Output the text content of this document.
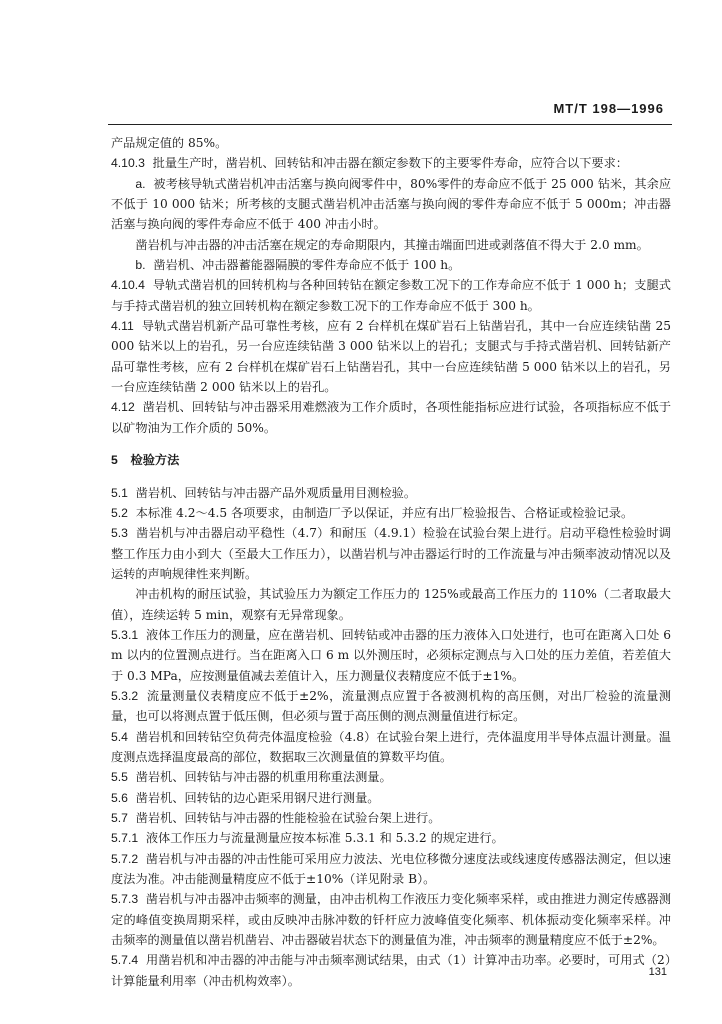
MT/T 198—1996

产品规定值的 85%。

4.10.3 批量生产时，凿岩机、回转钻和冲击器在额定参数下的主要零件寿命，应符合以下要求：

a. 被考核导轨式凿岩机冲击活塞与换向阀零件中，80%零件的寿命应不低于 25 000 钻米，其余应不低于 10 000 钻米；所考核的支腿式凿岩机冲击活塞与换向阀的零件寿命应不低于 5 000m；冲击器活塞与换向阀的零件寿命应不低于 400 冲击小时。

凿岩机与冲击器的冲击活塞在规定的寿命期限内，其撞击端面凹进或剥落值不得大于 2.0 mm。

b. 凿岩机、冲击器蓄能器隔膜的零件寿命应不低于 100 h。

4.10.4 导轨式凿岩机的回转机构与各种回转钻在额定参数工况下的工作寿命应不低于 1 000 h；支腿式与手持式凿岩机的独立回转机构在额定参数工况下的工作寿命应不低于 300 h。

4.11 导轨式凿岩机新产品可靠性考核，应有 2 台样机在煤矿岩石上钻凿岩孔，其中一台应连续钻凿 25 000 钻米以上的岩孔，另一台应连续钻凿 3 000 钻米以上的岩孔；支腿式与手持式凿岩机、回转钻新产品可靠性考核，应有 2 台样机在煤矿岩石上钻凿岩孔，其中一台应连续钻凿 5 000 钻米以上的岩孔，另一台应连续钻凿 2 000 钻米以上的岩孔。

4.12 凿岩机、回转钻与冲击器采用难燃液为工作介质时，各项性能指标应进行试验，各项指标应不低于以矿物油为工作介质的 50%。

5 检验方法

5.1 凿岩机、回转钻与冲击器产品外观质量用目测检验。

5.2 本标准 4.2～4.5 各项要求，由制造厂予以保证，并应有出厂检验报告、合格证或检验记录。

5.3 凿岩机与冲击器启动平稳性（4.7）和耐压（4.9.1）检验在试验台架上进行。启动平稳性检验时调整工作压力由小到大（至最大工作压力），以凿岩机与冲击器运行时的工作流量与冲击频率波动情况以及运转的声响规律性来判断。

冲击机构的耐压试验，其试验压力为额定工作压力的 125%或最高工作压力的 110%（二者取最大值），连续运转 5 min，观察有无异常现象。

5.3.1 液体工作压力的测量，应在凿岩机、回转钻或冲击器的压力液体入口处进行，也可在距离入口处 6 m 以内的位置测点进行。当在距离入口 6 m 以外测压时，必须标定测点与入口处的压力差值，若差值大于 0.3 MPa，应按测量值减去差值计入，压力测量仪表精度应不低于±1%。

5.3.2 流量测量仪表精度应不低于±2%，流量测点应置于各被测机构的高压侧，对出厂检验的流量测量，也可以将测点置于低压侧，但必须与置于高压侧的测点测量值进行标定。

5.4 凿岩机和回转钻空负荷壳体温度检验（4.8）在试验台架上进行，壳体温度用半导体点温计测量。温度测点选择温度最高的部位，数据取三次测量值的算数平均值。

5.5 凿岩机、回转钻与冲击器的机重用称重法测量。

5.6 凿岩机、回转钻的边心距采用钢尺进行测量。

5.7 凿岩机、回转钻与冲击器的性能检验在试验台架上进行。

5.7.1 液体工作压力与流量测量应按本标准 5.3.1 和 5.3.2 的规定进行。

5.7.2 凿岩机与冲击器的冲击性能可采用应力波法、光电位移微分速度法或线速度传感器法测定，但以速度法为准。冲击能测量精度应不低于±10%（详见附录 B）。

5.7.3 凿岩机与冲击器冲击频率的测量，由冲击机构工作液压力变化频率采样，或由推进力测定传感器测定的峰值变换周期采样，或由反映冲击脉冲数的钎杆应力波峰值变化频率、机体振动变化频率采样。冲击频率的测量值以凿岩机凿岩、冲击器破岩状态下的测量值为准，冲击频率的测量精度应不低于±2%。

5.7.4 用凿岩机和冲击器的冲击能与冲击频率测试结果，由式（1）计算冲击功率。必要时，可用式（2）计算能量利用率（冲击机构效率）。

131
